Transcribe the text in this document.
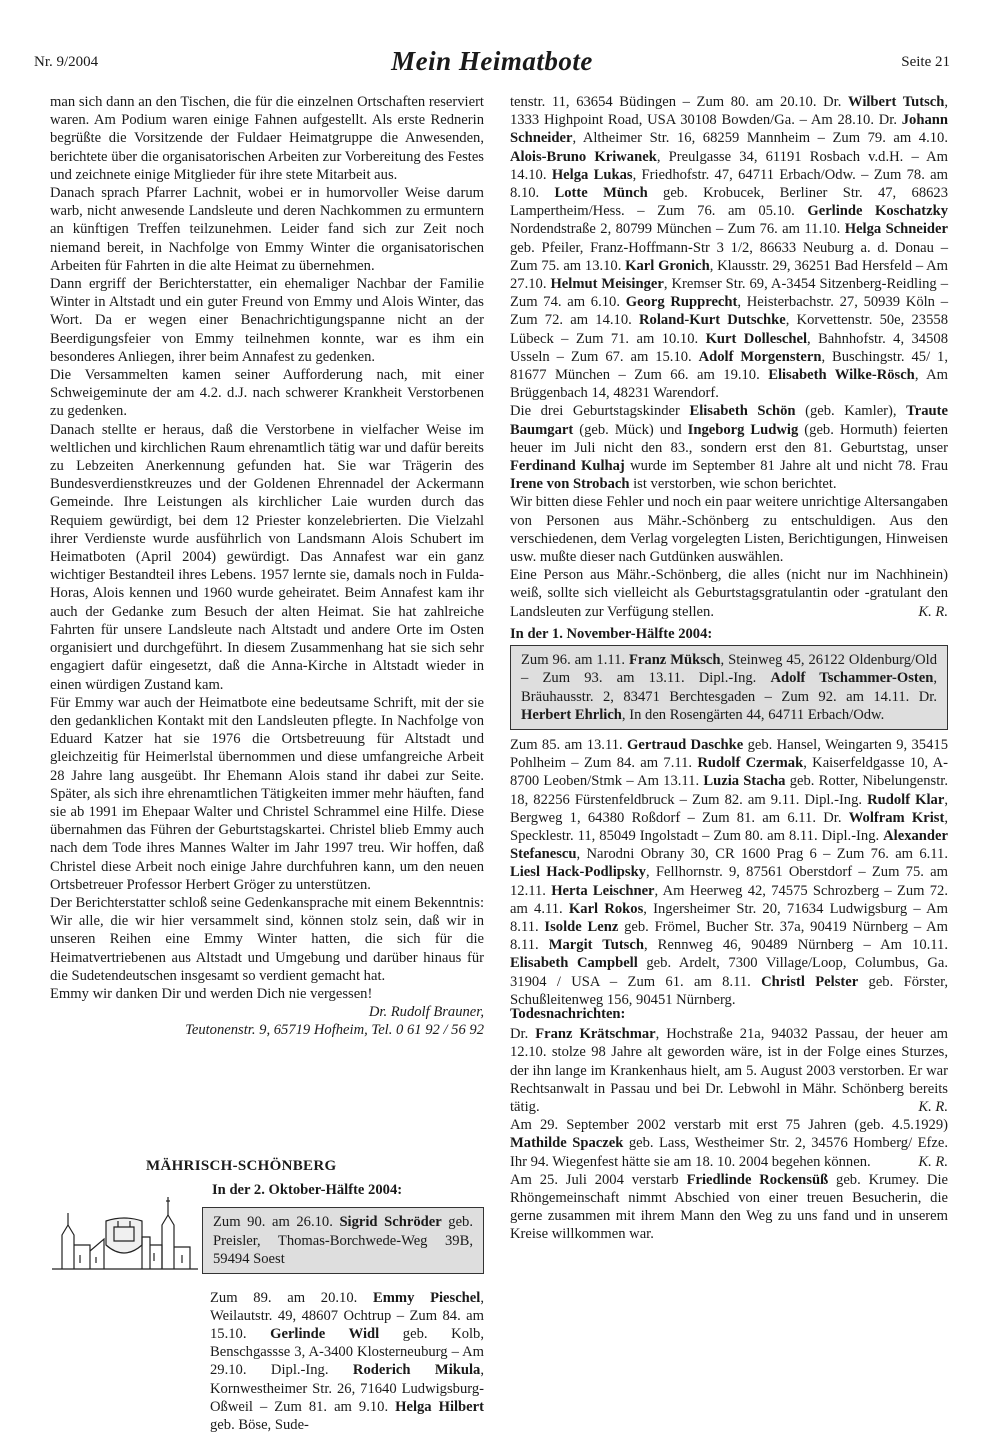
Nr. 9/2004	Mein Heimatbote	Seite 21

man sich dann an den Tischen, die für die einzelnen Ortschaften reserviert waren. Am Podium waren einige Fahnen aufgestellt. Als erste Rednerin begrüßte die Vorsitzende der Fuldaer Heimatgruppe die Anwesenden, berichtete über die organisatorischen Arbeiten zur Vorbereitung des Festes und zeichnete einige Mitglieder für ihre stete Mitarbeit aus.

Danach sprach Pfarrer Lachnit, wobei er in humorvoller Weise darum warb, nicht anwesende Landsleute und deren Nachkommen zu ermuntern an künftigen Treffen teilzunehmen. Leider fand sich zur Zeit noch niemand bereit, in Nachfolge von Emmy Winter die organisatorischen Arbeiten für Fahrten in die alte Heimat zu übernehmen.

Dann ergriff der Berichterstatter, ein ehemaliger Nachbar der Familie Winter in Altstadt und ein guter Freund von Emmy und Alois Winter, das Wort. Da er wegen einer Benachrichtigungspanne nicht an der Beerdigungsfeier von Emmy teilnehmen konnte, war es ihm ein besonderes Anliegen, ihrer beim Annafest zu gedenken.

Die Versammelten kamen seiner Aufforderung nach, mit einer Schweigeminute der am 4.2. d.J. nach schwerer Krankheit Verstorbenen zu gedenken.

Danach stellte er heraus, daß die Verstorbene in vielfacher Weise im weltlichen und kirchlichen Raum ehrenamtlich tätig war und dafür bereits zu Lebzeiten Anerkennung gefunden hat. Sie war Trägerin des Bundesverdienstkreuzes und der Goldenen Ehrennadel der Ackermann Gemeinde. Ihre Leistungen als kirchlicher Laie wurden durch das Requiem gewürdigt, bei dem 12 Priester konzelebrierten. Die Vielzahl ihrer Verdienste wurde ausführlich von Landsmann Alois Schubert im Heimatboten (April 2004) gewürdigt. Das Annafest war ein ganz wichtiger Bestandteil ihres Lebens. 1957 lernte sie, damals noch in Fulda-Horas, Alois kennen und 1960 wurde geheiratet. Beim Annafest kam ihr auch der Gedanke zum Besuch der alten Heimat. Sie hat zahlreiche Fahrten für unsere Landsleute nach Altstadt und andere Orte im Osten organisiert und durchgeführt. In diesem Zusammenhang hat sie sich sehr engagiert dafür eingesetzt, daß die Anna-Kirche in Altstadt wieder in einen würdigen Zustand kam.

Für Emmy war auch der Heimatbote eine bedeutsame Schrift, mit der sie den gedanklichen Kontakt mit den Landsleuten pflegte. In Nachfolge von Eduard Katzer hat sie 1976 die Ortsbetreuung für Altstadt und gleichzeitig für Heimerlstal übernommen und diese umfangreiche Arbeit 28 Jahre lang ausgeübt. Ihr Ehemann Alois stand ihr dabei zur Seite. Später, als sich ihre ehrenamtlichen Tätigkeiten immer mehr häuften, fand sie ab 1991 im Ehepaar Walter und Christel Schrammel eine Hilfe. Diese übernahmen das Führen der Geburtstagskartei. Christel blieb Emmy auch nach dem Tode ihres Mannes Walter im Jahr 1997 treu. Wir hoffen, daß Christel diese Arbeit noch einige Jahre durchfuhren kann, um den neuen Ortsbetreuer Professor Herbert Gröger zu unterstützen.

Der Berichterstatter schloß seine Gedenkansprache mit einem Bekenntnis: Wir alle, die wir hier versammelt sind, können stolz sein, daß wir in unseren Reihen eine Emmy Winter hatten, die sich für die Heimatvertriebenen aus Altstadt und Umgebung und darüber hinaus für die Sudetendeutschen insgesamt so verdient gemacht hat.

Emmy wir danken Dir und werden Dich nie vergessen!

Dr. Rudolf Brauner,

Teutonenstr. 9, 65719 Hofheim, Tel. 0 61 92 / 56 92

MÄHRISCH-SCHÖNBERG
In der 2. Oktober-Hälfte 2004:
Zum 90. am 26.10. Sigrid Schröder geb. Preisler, Thomas-Borchwede-Weg 39B, 59494 Soest

Zum 89. am 20.10. Emmy Pieschel, Weilautstr. 49, 48607 Ochtrup – Zum 84. am 15.10. Gerlinde Widl geb. Kolb, Benschgassse 3, A-3400 Klosterneuburg – Am 29.10. Dipl.-Ing. Roderich Mikula, Kornwestheimer Str. 26, 71640 Ludwigsburg-Oßweil – Zum 81. am 9.10. Helga Hilbert geb. Böse, Sude-

tenstr. 11, 63654 Büdingen – Zum 80. am 20.10. Dr. Wilbert Tutsch, 1333 Highpoint Road, USA 30108 Bowden/Ga. – Am 28.10. Dr. Johann Schneider, Altheimer Str. 16, 68259 Mannheim – Zum 79. am 4.10. Alois-Bruno Kriwanek, Preulgasse 34, 61191 Rosbach v.d.H. – Am 14.10. Helga Lukas, Friedhofstr. 47, 64711 Erbach/Odw. – Zum 78. am 8.10. Lotte Münch geb. Krobucek, Berliner Str. 47, 68623 Lampertheim/Hess. – Zum 76. am 05.10. Gerlinde Koschatzky Nordendstraße 2, 80799 München – Zum 76. am 11.10. Helga Schneider geb. Pfeiler, Franz-Hoffmann-Str 3 1/2, 86633 Neuburg a. d. Donau – Zum 75. am 13.10. Karl Gronich, Klausstr. 29, 36251 Bad Hersfeld – Am 27.10. Helmut Meisinger, Kremser Str. 69, A-3454 Sitzenberg-Reidling – Zum 74. am 6.10. Georg Rupprecht, Heisterbachstr. 27, 50939 Köln – Zum 72. am 14.10. Roland-Kurt Dutschke, Korvettenstr. 50e, 23558 Lübeck – Zum 71. am 10.10. Kurt Dolleschel, Bahnhofstr. 4, 34508 Usseln – Zum 67. am 15.10. Adolf Morgenstern, Buschingstr. 45/ 1, 81677 München – Zum 66. am 19.10. Elisabeth Wilke-Rösch, Am Brüggenbach 14, 48231 Warendorf.

Die drei Geburtstagskinder Elisabeth Schön (geb. Kamler), Traute Baumgart (geb. Mück) und Ingeborg Ludwig (geb. Hormuth) feierten heuer im Juli nicht den 83., sondern erst den 81. Geburtstag, unser Ferdinand Kulhaj wurde im September 81 Jahre alt und nicht 78. Frau Irene von Strobach ist verstorben, wie schon berichtet.

Wir bitten diese Fehler und noch ein paar weitere unrichtige Altersangaben von Personen aus Mähr.-Schönberg zu entschuldigen. Aus den verschiedenen, dem Verlag vorgelegten Listen, Berichtigungen, Hinweisen usw. mußte dieser nach Gutdünken auswählen.

Eine Person aus Mähr.-Schönberg, die alles (nicht nur im Nachhinein) weiß, sollte sich vielleicht als Geburtstagsgratulantin oder -gratulant den Landsleuten zur Verfügung stellen.	K. R.

In der 1. November-Hälfte 2004:
Zum 96. am 1.11. Franz Müksch, Steinweg 45, 26122 Oldenburg/Old – Zum 93. am 13.11. Dipl.-Ing. Adolf Tschammer-Osten, Bräuhausstr. 2, 83471 Berchtesgaden – Zum 92. am 14.11. Dr. Herbert Ehrlich, In den Rosengärten 44, 64711 Erbach/Odw.

Zum 85. am 13.11. Gertraud Daschke geb. Hansel, Weingarten 9, 35415 Pohlheim – Zum 84. am 7.11. Rudolf Czermak, Kaiserfeldgasse 10, A-8700 Leoben/Stmk – Am 13.11. Luzia Stacha geb. Rotter, Nibelungenstr. 18, 82256 Fürstenfeldbruck – Zum 82. am 9.11. Dipl.-Ing. Rudolf Klar, Bergweg 1, 64380 Roßdorf – Zum 81. am 6.11. Dr. Wolfram Krist, Specklestr. 11, 85049 Ingolstadt – Zum 80. am 8.11. Dipl.-Ing. Alexander Stefanescu, Narodni Obrany 30, CR 1600 Prag 6 – Zum 76. am 6.11. Liesl Hack-Podlipsky, Fellhornstr. 9, 87561 Oberstdorf – Zum 75. am 12.11. Herta Leischner, Am Heerweg 42, 74575 Schrozberg – Zum 72. am 4.11. Karl Rokos, Ingersheimer Str. 20, 71634 Ludwigsburg – Am 8.11. Isolde Lenz geb. Frömel, Bucher Str. 37a, 90419 Nürnberg – Am 8.11. Margit Tutsch, Rennweg 46, 90489 Nürnberg – Am 10.11. Elisabeth Campbell geb. Ardelt, 7300 Village/Loop, Columbus, Ga. 31904 / USA – Zum 61. am 8.11. Christl Pelster geb. Förster, Schußleitenweg 156, 90451 Nürnberg.

Todesnachrichten:

Dr. Franz Krätschmar, Hochstraße 21a, 94032 Passau, der heuer am 12.10. stolze 98 Jahre alt geworden wäre, ist in der Folge eines Sturzes, der ihn lange im Krankenhaus hielt, am 5. August 2003 verstorben. Er war Rechtsanwalt in Passau und bei Dr. Lebwohl in Mähr. Schönberg bereits tätig.	K. R.

Am 29. September 2002 verstarb mit erst 75 Jahren (geb. 4.5.1929) Mathilde Spaczek geb. Lass, Westheimer Str. 2, 34576 Homberg/ Efze. Ihr 94. Wiegenfest hätte sie am 18. 10. 2004 begehen können.	K. R.

Am 25. Juli 2004 verstarb Friedlinde Rockensüß geb. Krumey. Die Rhöngemeinschaft nimmt Abschied von einer treuen Besucherin, die gerne zusammen mit ihrem Mann den Weg zu uns fand und in unserem Kreise willkommen war.
